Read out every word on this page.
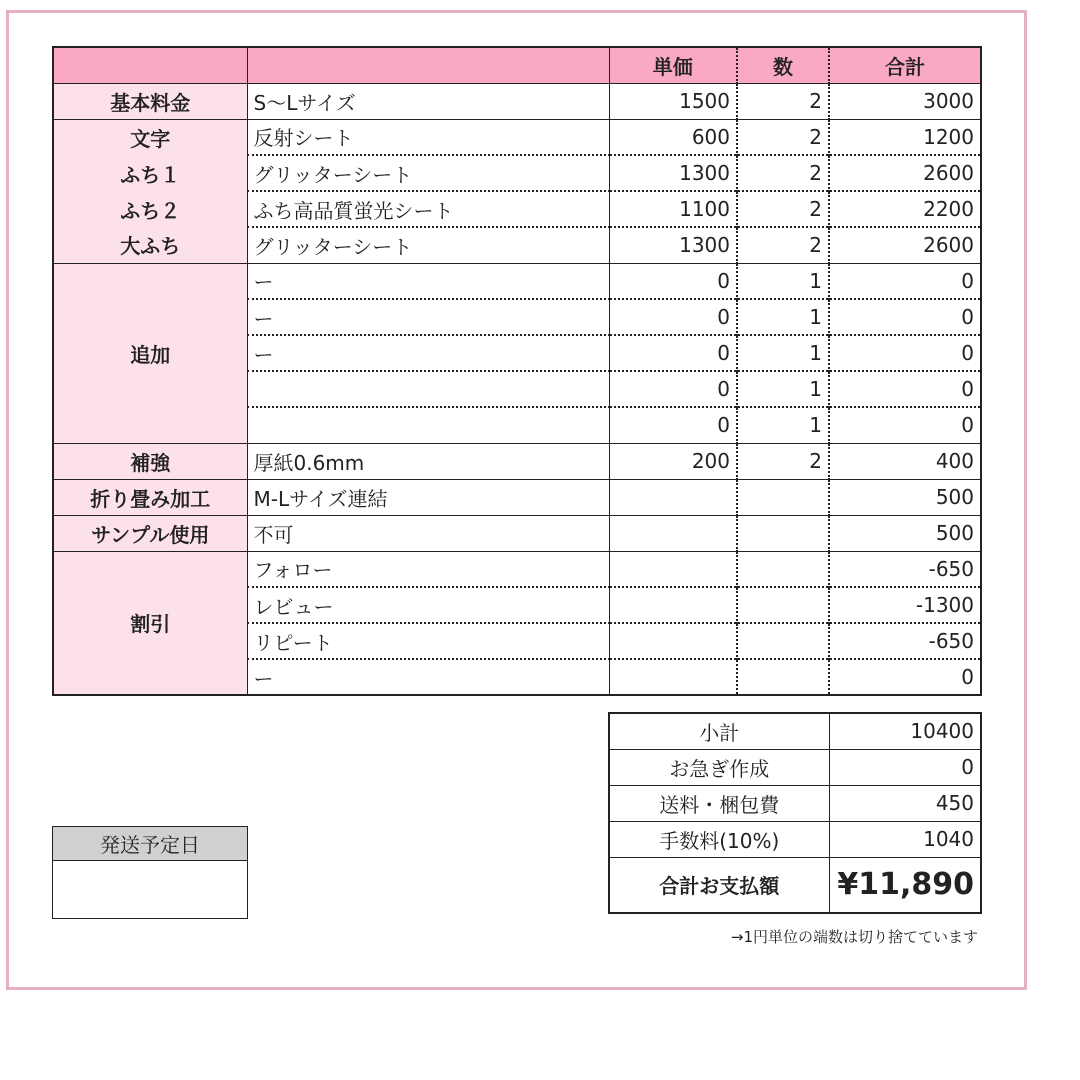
		単価	数	合計
基本料金	S〜Lサイズ	1500	2	3000
文字	反射シート	600	2	1200
ふち１	グリッターシート	1300	2	2600
ふち２	ふち高品質蛍光シート	1100	2	2200
大ふち	グリッターシート	1300	2	2600
追加	ー	0	1	0
	ー	0	1	0
	ー	0	1	0
		0	1	0
		0	1	0
補強	厚紙0.6mm	200	2	400
折り畳み加工	M-Lサイズ連結			500
サンプル使用	不可			500
割引	フォロー			-650
	レビュー			-1300
	リピート			-650
	ー			0
小計	10400
お急ぎ作成	0
送料・梱包費	450
手数料(10%)	1040
合計お支払額	¥11,890
発送予定日

→1円単位の端数は切り捨てています
